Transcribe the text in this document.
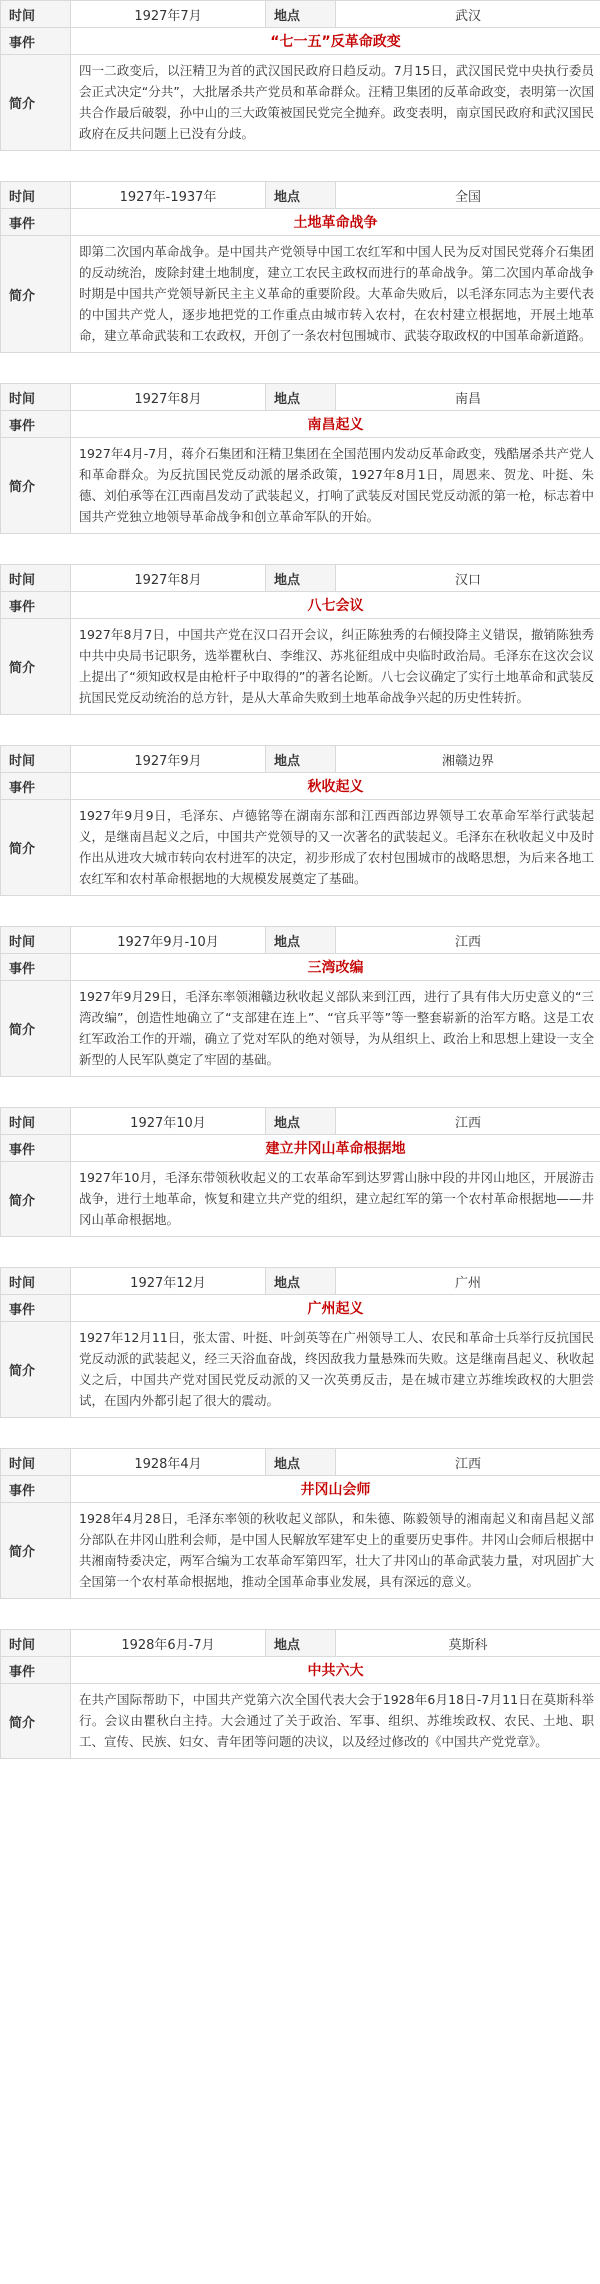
时间	1927年7月	地点	武汉
事件	“七一五”反革命政变		
简介	四一二政变后，以汪精卫为首的武汉国民政府日趋反动。7月15日，武汉国民党中央执行委员会正式决定“分共”，大批屠杀共产党员和革命群众。汪精卫集团的反革命政变，表明第一次国共合作最后破裂，孙中山的三大政策被国民党完全抛弃。政变表明，南京国民政府和武汉国民政府在反共问题上已没有分歧。		
时间	1927年-1937年	地点	全国
事件	土地革命战争		
简介	即第二次国内革命战争。是中国共产党领导中国工农红军和中国人民为反对国民党蒋介石集团的反动统治，废除封建土地制度，建立工农民主政权而进行的革命战争。第二次国内革命战争时期是中国共产党领导新民主主义革命的重要阶段。大革命失败后，以毛泽东同志为主要代表的中国共产党人，逐步地把党的工作重点由城市转入农村，在农村建立根据地，开展土地革命，建立革命武装和工农政权，开创了一条农村包围城市、武装夺取政权的中国革命新道路。		
时间	1927年8月	地点	南昌
事件	南昌起义		
简介	1927年4月-7月，蒋介石集团和汪精卫集团在全国范围内发动反革命政变，残酷屠杀共产党人和革命群众。为反抗国民党反动派的屠杀政策，1927年8月1日，周恩来、贺龙、叶挺、朱德、刘伯承等在江西南昌发动了武装起义，打响了武装反对国民党反动派的第一枪，标志着中国共产党独立地领导革命战争和创立革命军队的开始。		
时间	1927年8月	地点	汉口
事件	八七会议		
简介	1927年8月7日，中国共产党在汉口召开会议，纠正陈独秀的右倾投降主义错误，撤销陈独秀中共中央局书记职务，选举瞿秋白、李维汉、苏兆征组成中央临时政治局。毛泽东在这次会议上提出了“须知政权是由枪杆子中取得的”的著名论断。八七会议确定了实行土地革命和武装反抗国民党反动统治的总方针，是从大革命失败到土地革命战争兴起的历史性转折。		
时间	1927年9月	地点	湘赣边界
事件	秋收起义		
简介	1927年9月9日，毛泽东、卢德铭等在湖南东部和江西西部边界领导工农革命军举行武装起义，是继南昌起义之后，中国共产党领导的又一次著名的武装起义。毛泽东在秋收起义中及时作出从进攻大城市转向农村进军的决定，初步形成了农村包围城市的战略思想，为后来各地工农红军和农村革命根据地的大规模发展奠定了基础。		
时间	1927年9月-10月	地点	江西
事件	三湾改编		
简介	1927年9月29日，毛泽东率领湘赣边秋收起义部队来到江西，进行了具有伟大历史意义的“三湾改编”，创造性地确立了“支部建在连上”、“官兵平等”等一整套崭新的治军方略。这是工农红军政治工作的开端，确立了党对军队的绝对领导，为从组织上、政治上和思想上建设一支全新型的人民军队奠定了牢固的基础。		
时间	1927年10月	地点	江西
事件	建立井冈山革命根据地		
简介	1927年10月，毛泽东带领秋收起义的工农革命军到达罗霄山脉中段的井冈山地区，开展游击战争，进行土地革命，恢复和建立共产党的组织，建立起红军的第一个农村革命根据地——井冈山革命根据地。		
时间	1927年12月	地点	广州
事件	广州起义		
简介	1927年12月11日，张太雷、叶挺、叶剑英等在广州领导工人、农民和革命士兵举行反抗国民党反动派的武装起义，经三天浴血奋战，终因敌我力量悬殊而失败。这是继南昌起义、秋收起义之后，中国共产党对国民党反动派的又一次英勇反击，是在城市建立苏维埃政权的大胆尝试，在国内外都引起了很大的震动。		
时间	1928年4月	地点	江西
事件	井冈山会师		
简介	1928年4月28日，毛泽东率领的秋收起义部队，和朱德、陈毅领导的湘南起义和南昌起义部分部队在井冈山胜利会师，是中国人民解放军建军史上的重要历史事件。井冈山会师后根据中共湘南特委决定，两军合编为工农革命军第四军，壮大了井冈山的革命武装力量，对巩固扩大全国第一个农村革命根据地，推动全国革命事业发展，具有深远的意义。		
时间	1928年6月-7月	地点	莫斯科
事件	中共六大		
简介	在共产国际帮助下，中国共产党第六次全国代表大会于1928年6月18日-7月11日在莫斯科举行。会议由瞿秋白主持。大会通过了关于政治、军事、组织、苏维埃政权、农民、土地、职工、宣传、民族、妇女、青年团等问题的决议，以及经过修改的《中国共产党党章》。		
